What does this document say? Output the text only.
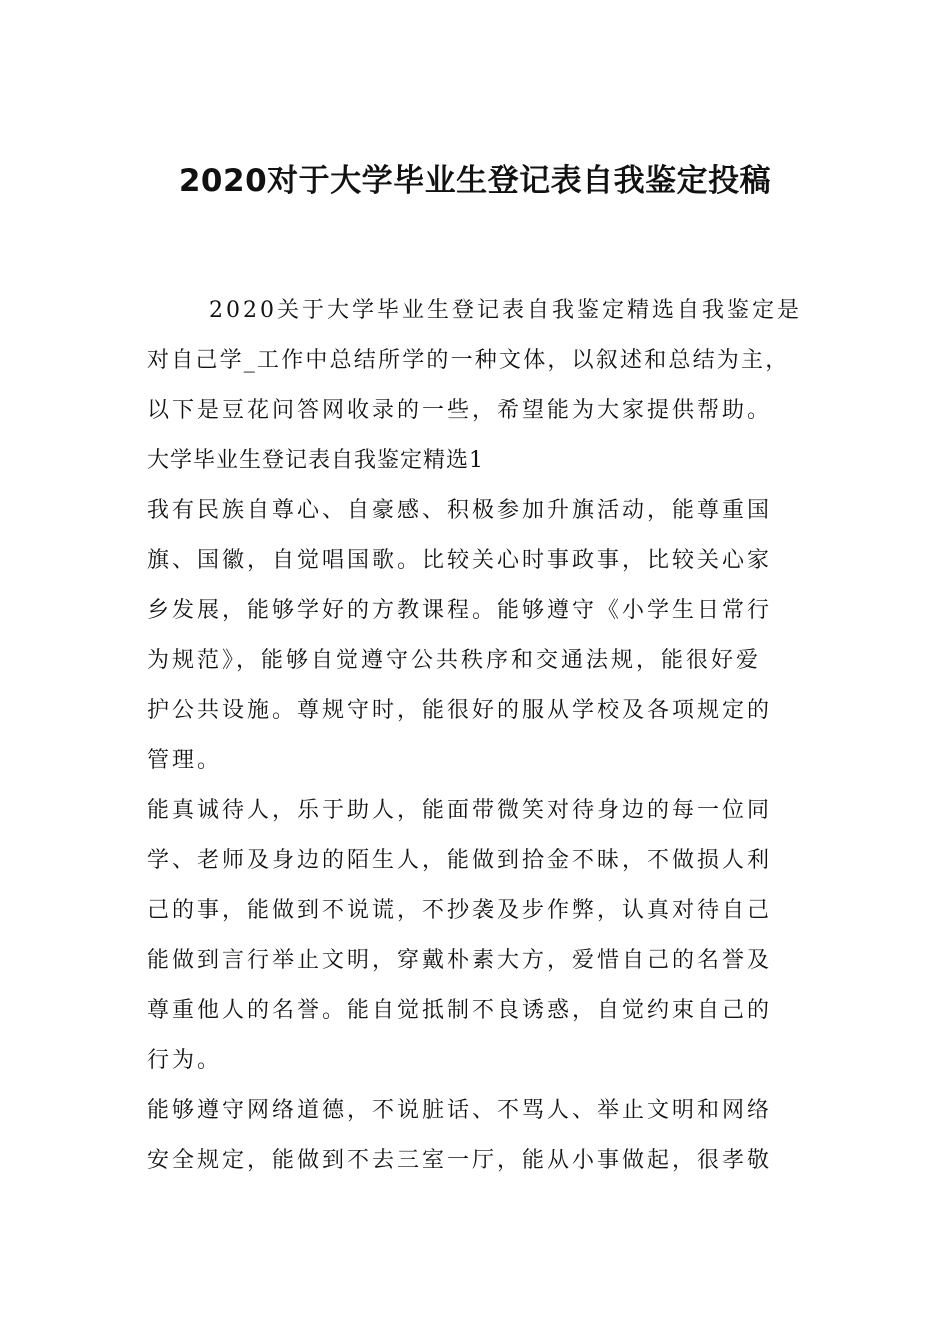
2020对于大学毕业生登记表自我鉴定投稿
2020关于大学毕业生登记表自我鉴定精选自我鉴定是
对自己学_工作中总结所学的一种文体，以叙述和总结为主，
以下是豆花问答网收录的一些，希望能为大家提供帮助。
大学毕业生登记表自我鉴定精选1
我有民族自尊心、自豪感、积极参加升旗活动，能尊重国
旗、国徽，自觉唱国歌。比较关心时事政事，比较关心家
乡发展，能够学好的方教课程。能够遵守《小学生日常行
为规范》，能够自觉遵守公共秩序和交通法规，能很好爱
护公共设施。尊规守时，能很好的服从学校及各项规定的
管理。
能真诚待人，乐于助人，能面带微笑对待身边的每一位同
学、老师及身边的陌生人，能做到拾金不昧，不做损人利
己的事，能做到不说谎，不抄袭及步作弊，认真对待自己
能做到言行举止文明，穿戴朴素大方，爱惜自己的名誉及
尊重他人的名誉。能自觉抵制不良诱惑，自觉约束自己的
行为。
能够遵守网络道德，不说脏话、不骂人、举止文明和网络
安全规定，能做到不去三室一厅，能从小事做起，很孝敬
